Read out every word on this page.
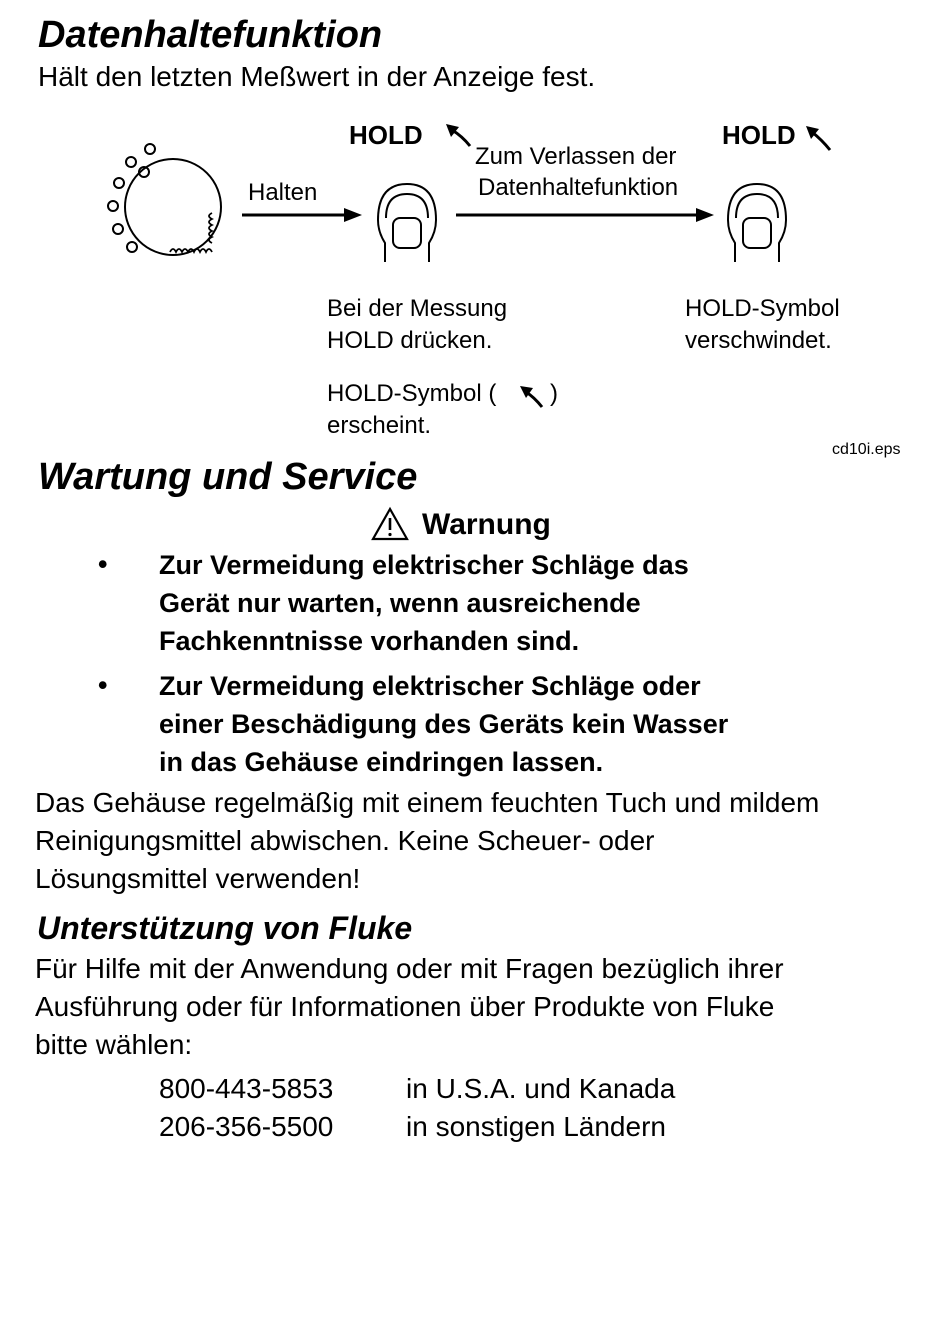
Datenhaltefunktion
Hält den letzten Meßwert in der Anzeige fest.
HOLD	HOLD
Halten
Zum Verlassen der
Datenhaltefunktion
Bei der Messung
HOLD drücken.
HOLD-Symbol ( )
erscheint.
HOLD-Symbol
verschwindet.
cd10i.eps
Wartung und Service
Warnung
• Zur Vermeidung elektrischer Schläge das
Gerät nur warten, wenn ausreichende
Fachkenntnisse vorhanden sind.
• Zur Vermeidung elektrischer Schläge oder
einer Beschädigung des Geräts kein Wasser
in das Gehäuse eindringen lassen.
Das Gehäuse regelmäßig mit einem feuchten Tuch und mildem
Reinigungsmittel abwischen. Keine Scheuer- oder
Lösungsmittel verwenden!
Unterstützung von Fluke
Für Hilfe mit der Anwendung oder mit Fragen bezüglich ihrer
Ausführung oder für Informationen über Produkte von Fluke
bitte wählen:
800-443-5853	in U.S.A. und Kanada
206-356-5500	in sonstigen Ländern
